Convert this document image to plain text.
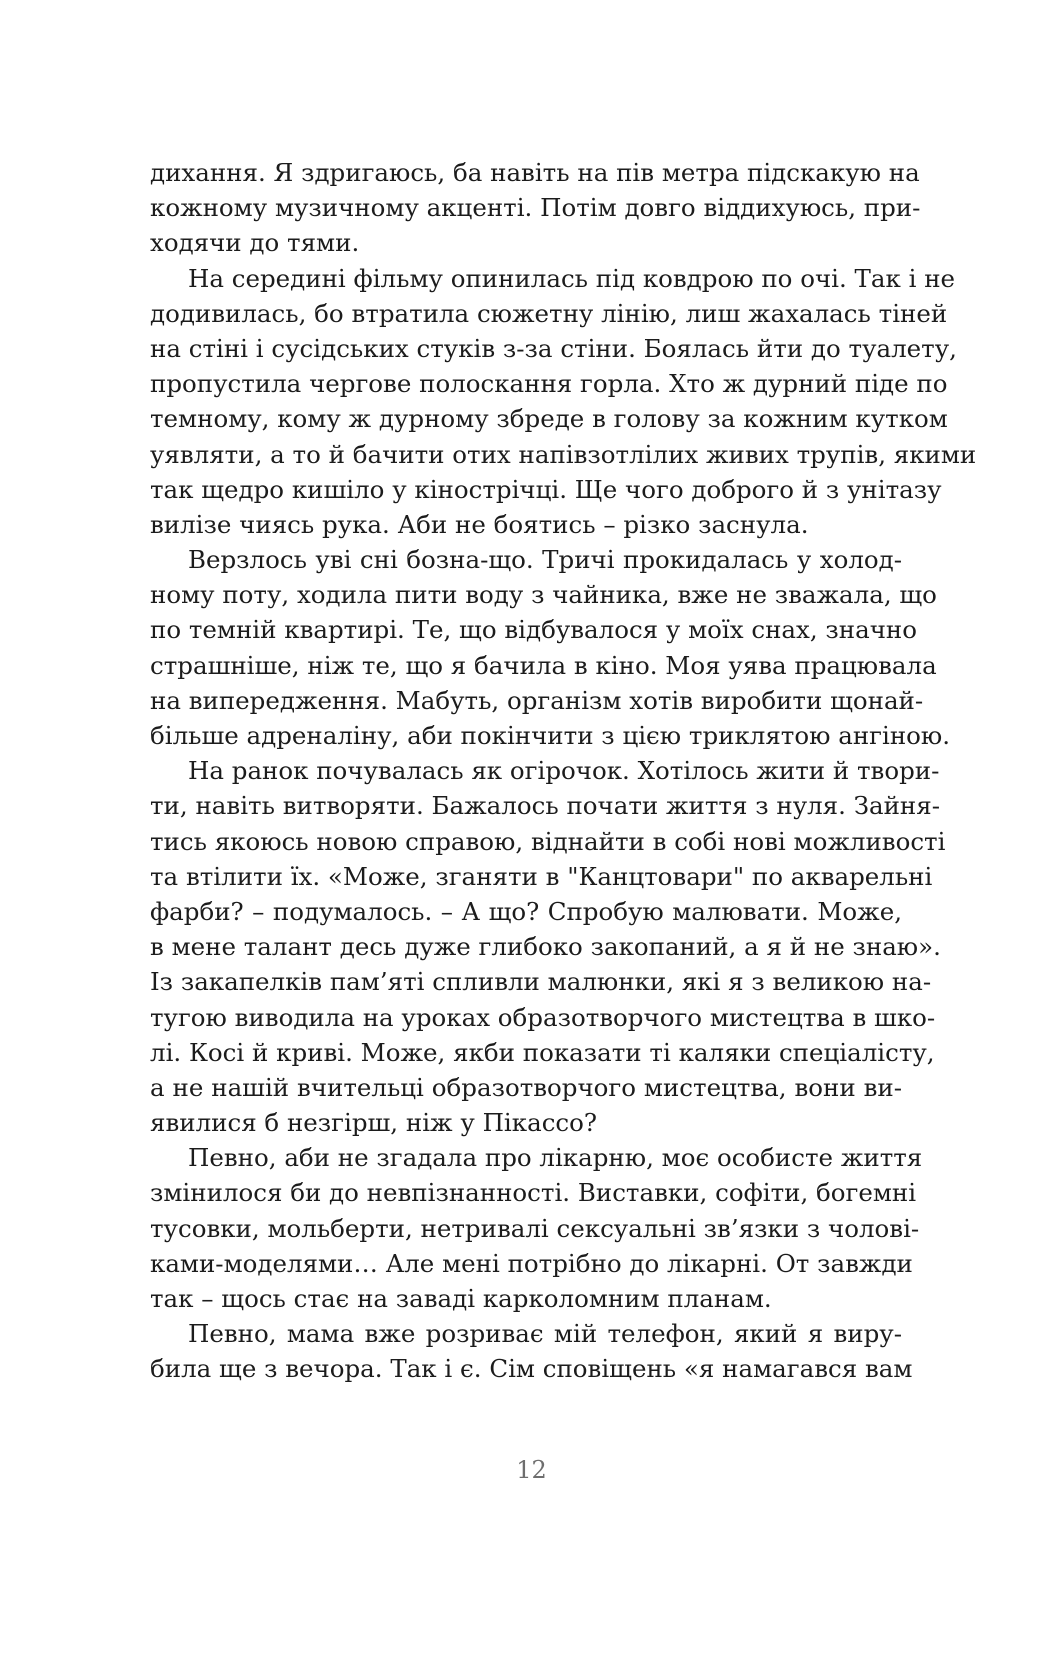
дихання. Я здригаюсь, ба навіть на пів метра підскакую на
кожному музичному акценті. Потім довго віддихуюсь, при-
ходячи до тями.
На середині фільму опинилась під ковдрою по очі. Так і не
додивилась, бо втратила сюжетну лінію, лиш жахалась тіней
на стіні і сусідських стуків з-за стіни. Боялась йти до туалету,
пропустила чергове полоскання горла. Хто ж дурний піде по
темному, кому ж дурному збреде в голову за кожним кутком
уявляти, а то й бачити отих напівзотлілих живих трупів, якими
так щедро кишіло у кінострічці. Ще чого доброго й з унітазу
вилізе чиясь рука. Аби не боятись – різко заснула.
Верзлось уві сні бозна-що. Тричі прокидалась у холод-
ному поту, ходила пити воду з чайника, вже не зважала, що
по темній квартирі. Те, що відбувалося у моїх снах, значно
страшніше, ніж те, що я бачила в кіно. Моя уява працювала
на випередження. Мабуть, організм хотів виробити щонай-
більше адреналіну, аби покінчити з цією триклятою ангіною.
На ранок почувалась як огірочок. Хотілось жити й твори-
ти, навіть витворяти. Бажалось почати життя з нуля. Зайня-
тись якоюсь новою справою, віднайти в собі нові можливості
та втілити їх. «Може, зганяти в "Канцтовари" по акварельні
фарби? – подумалось. – А що? Спробую малювати. Може,
в мене талант десь дуже глибоко закопаний, а я й не знаю».
Із закапелків пам’яті спливли малюнки, які я з великою на-
тугою виводила на уроках образотворчого мистецтва в шко-
лі. Косі й криві. Може, якби показати ті каляки спеціалісту,
а не нашій вчительці образотворчого мистецтва, вони ви-
явилися б незгірш, ніж у Пікассо?
Певно, аби не згадала про лікарню, моє особисте життя
змінилося би до невпізнанності. Виставки, софіти, богемні
тусовки, мольберти, нетривалі сексуальні зв’язки з чолові-
ками-моделями… Але мені потрібно до лікарні. От завжди
так – щось стає на заваді карколомним планам.
Певно, мама вже розриває мій телефон, який я виру-
била ще з вечора. Так і є. Сім сповіщень «я намагався вам
12
